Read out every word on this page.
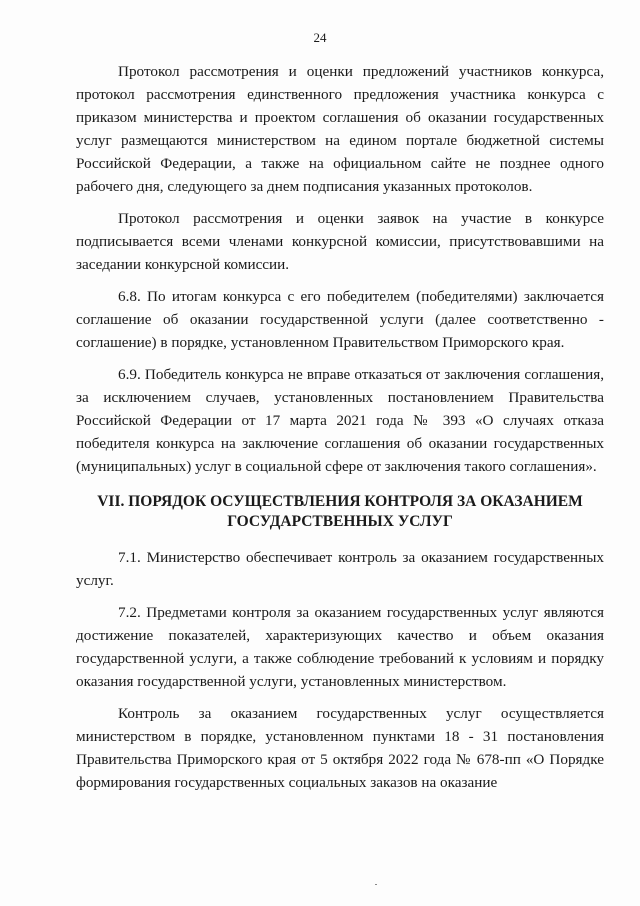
24

Протокол рассмотрения и оценки предложений участников конкурса, протокол рассмотрения единственного предложения участника конкурса с приказом министерства и проектом соглашения об оказании государственных услуг размещаются министерством на едином портале бюджетной системы Российской Федерации, а также на официальном сайте не позднее одного рабочего дня, следующего за днем подписания указанных протоколов.

Протокол рассмотрения и оценки заявок на участие в конкурсе подписывается всеми членами конкурсной комиссии, присутствовавшими на заседании конкурсной комиссии.

6.8. По итогам конкурса с его победителем (победителями) заключается соглашение об оказании государственной услуги (далее соответственно - соглашение) в порядке, установленном Правительством Приморского края.

6.9. Победитель конкурса не вправе отказаться от заключения соглашения, за исключением случаев, установленных постановлением Правительства Российской Федерации от 17 марта 2021 года № 393 «О случаях отказа победителя конкурса на заключение соглашения об оказании государственных (муниципальных) услуг в социальной сфере от заключения такого соглашения».

VII. ПОРЯДОК ОСУЩЕСТВЛЕНИЯ КОНТРОЛЯ ЗА ОКАЗАНИЕМ
ГОСУДАРСТВЕННЫХ УСЛУГ

7.1. Министерство обеспечивает контроль за оказанием государственных услуг.

7.2. Предметами контроля за оказанием государственных услуг являются достижение показателей, характеризующих качество и объем оказания государственной услуги, а также соблюдение требований к условиям и порядку оказания государственной услуги, установленных министерством.

Контроль за оказанием государственных услуг осуществляется министерством в порядке, установленном пунктами 18 - 31 постановления Правительства Приморского края от 5 октября 2022 года № 678-пп «О Порядке формирования государственных социальных заказов на оказание
